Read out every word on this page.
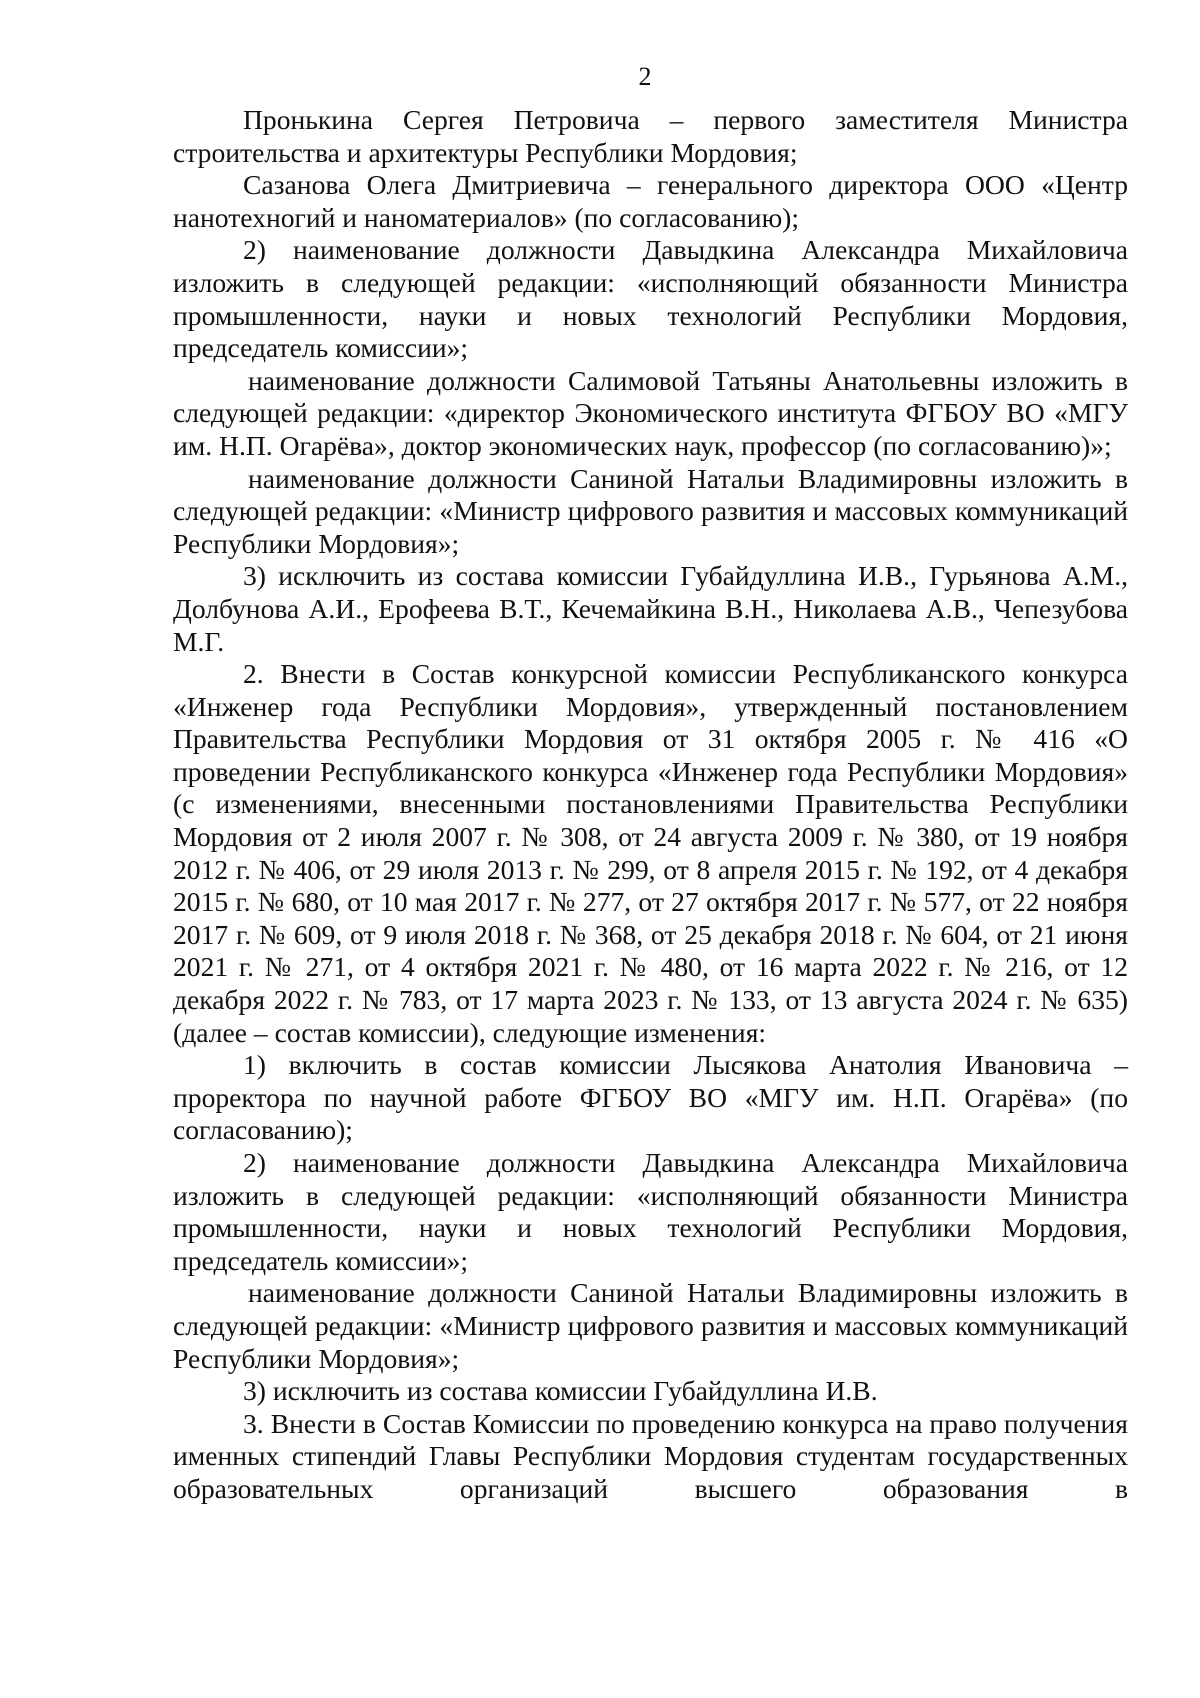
2

Пронькина Сергея Петровича – первого заместителя Министра строительства и архитектуры Республики Мордовия;

Сазанова Олега Дмитриевича – генерального директора ООО «Центр нанотехногий и наноматериалов» (по согласованию);

2) наименование должности Давыдкина Александра Михайловича изложить в следующей редакции: «исполняющий обязанности Министра промышленности, науки и новых технологий Республики Мордовия, председатель комиссии»;

наименование должности Салимовой Татьяны Анатольевны изложить в следующей редакции: «директор Экономического института ФГБОУ ВО «МГУ им. Н.П. Огарёва», доктор экономических наук, профессор (по согласованию)»;

наименование должности Саниной Натальи Владимировны изложить в следующей редакции: «Министр цифрового развития и массовых коммуникаций Республики Мордовия»;

3) исключить из состава комиссии Губайдуллина И.В., Гурьянова А.М., Долбунова А.И., Ерофеева В.Т., Кечемайкина В.Н., Николаева А.В., Чепезубова М.Г.

2. Внести в Состав конкурсной комиссии Республиканского конкурса «Инженер года Республики Мордовия», утвержденный постановлением Правительства Республики Мордовия от 31 октября 2005 г. № 416 «О проведении Республиканского конкурса «Инженер года Республики Мордовия» (с изменениями, внесенными постановлениями Правительства Республики Мордовия от 2 июля 2007 г. № 308, от 24 августа 2009 г. № 380, от 19 ноября 2012 г. № 406, от 29 июля 2013 г. № 299, от 8 апреля 2015 г. № 192, от 4 декабря 2015 г. № 680, от 10 мая 2017 г. № 277, от 27 октября 2017 г. № 577, от 22 ноября 2017 г. № 609, от 9 июля 2018 г. № 368, от 25 декабря 2018 г. № 604, от 21 июня 2021 г. № 271, от 4 октября 2021 г. № 480, от 16 марта 2022 г. № 216, от 12 декабря 2022 г. № 783, от 17 марта 2023 г. № 133, от 13 августа 2024 г. № 635) (далее – состав комиссии), следующие изменения:

1) включить в состав комиссии Лысякова Анатолия Ивановича – проректора по научной работе ФГБОУ ВО «МГУ им. Н.П. Огарёва» (по согласованию);

2) наименование должности Давыдкина Александра Михайловича изложить в следующей редакции: «исполняющий обязанности Министра промышленности, науки и новых технологий Республики Мордовия, председатель комиссии»;

наименование должности Саниной Натальи Владимировны изложить в следующей редакции: «Министр цифрового развития и массовых коммуникаций Республики Мордовия»;

3) исключить из состава комиссии Губайдуллина И.В.

3. Внести в Состав Комиссии по проведению конкурса на право получения именных стипендий Главы Республики Мордовия студентам государственных образовательных организаций высшего образования в
